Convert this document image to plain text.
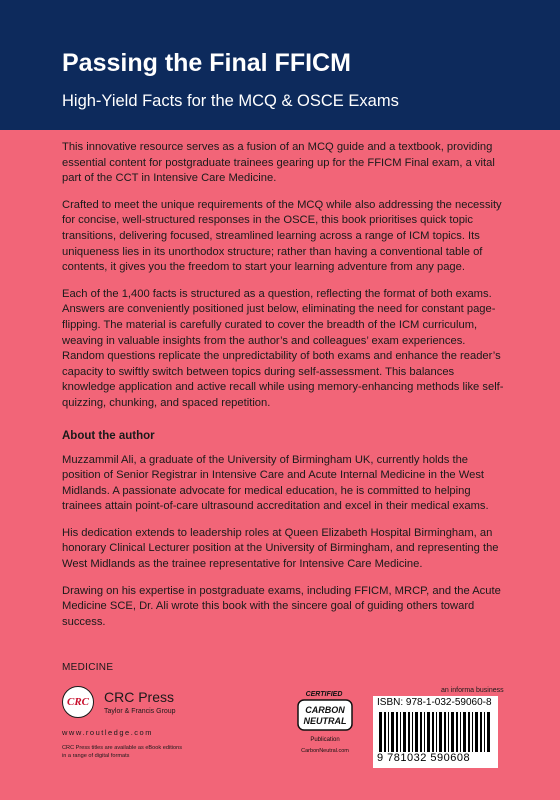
Passing the Final FFICM
High-Yield Facts for the MCQ & OSCE Exams

This innovative resource serves as a fusion of an MCQ guide and a textbook, providing essential content for postgraduate trainees gearing up for the FFICM Final exam, a vital part of the CCT in Intensive Care Medicine.

Crafted to meet the unique requirements of the MCQ while also addressing the necessity for concise, well-structured responses in the OSCE, this book prioritises quick topic transitions, delivering focused, streamlined learning across a range of ICM topics. Its uniqueness lies in its unorthodox structure; rather than having a conventional table of contents, it gives you the freedom to start your learning adventure from any page.

Each of the 1,400 facts is structured as a question, reflecting the format of both exams. Answers are conveniently positioned just below, eliminating the need for constant page-flipping. The material is carefully curated to cover the breadth of the ICM curriculum, weaving in valuable insights from the author’s and colleagues’ exam experiences. Random questions replicate the unpredictability of both exams and enhance the reader’s capacity to swiftly switch between topics during self-assessment. This balances knowledge application and active recall while using memory-enhancing methods like self-quizzing, chunking, and spaced repetition.

About the author

Muzzammil Ali, a graduate of the University of Birmingham UK, currently holds the position of Senior Registrar in Intensive Care and Acute Internal Medicine in the West Midlands. A passionate advocate for medical education, he is committed to helping trainees attain point-of-care ultrasound accreditation and excel in their medical exams.

His dedication extends to leadership roles at Queen Elizabeth Hospital Birmingham, an honorary Clinical Lecturer position at the University of Birmingham, and representing the West Midlands as the trainee representative for Intensive Care Medicine.

Drawing on his expertise in postgraduate exams, including FFICM, MRCP, and the Acute Medicine SCE, Dr. Ali wrote this book with the sincere goal of guiding others toward success.

MEDICINE
CRC	CRC Press
Taylor & Francis Group
www.routledge.com
CRC Press titles are available as eBook editions in a range of digital formats
CERTIFIED
CARBON
NEUTRAL
Publication
CarbonNeutral.com
an informa business
ISBN: 978-1-032-59060-8
9 781032 590608
